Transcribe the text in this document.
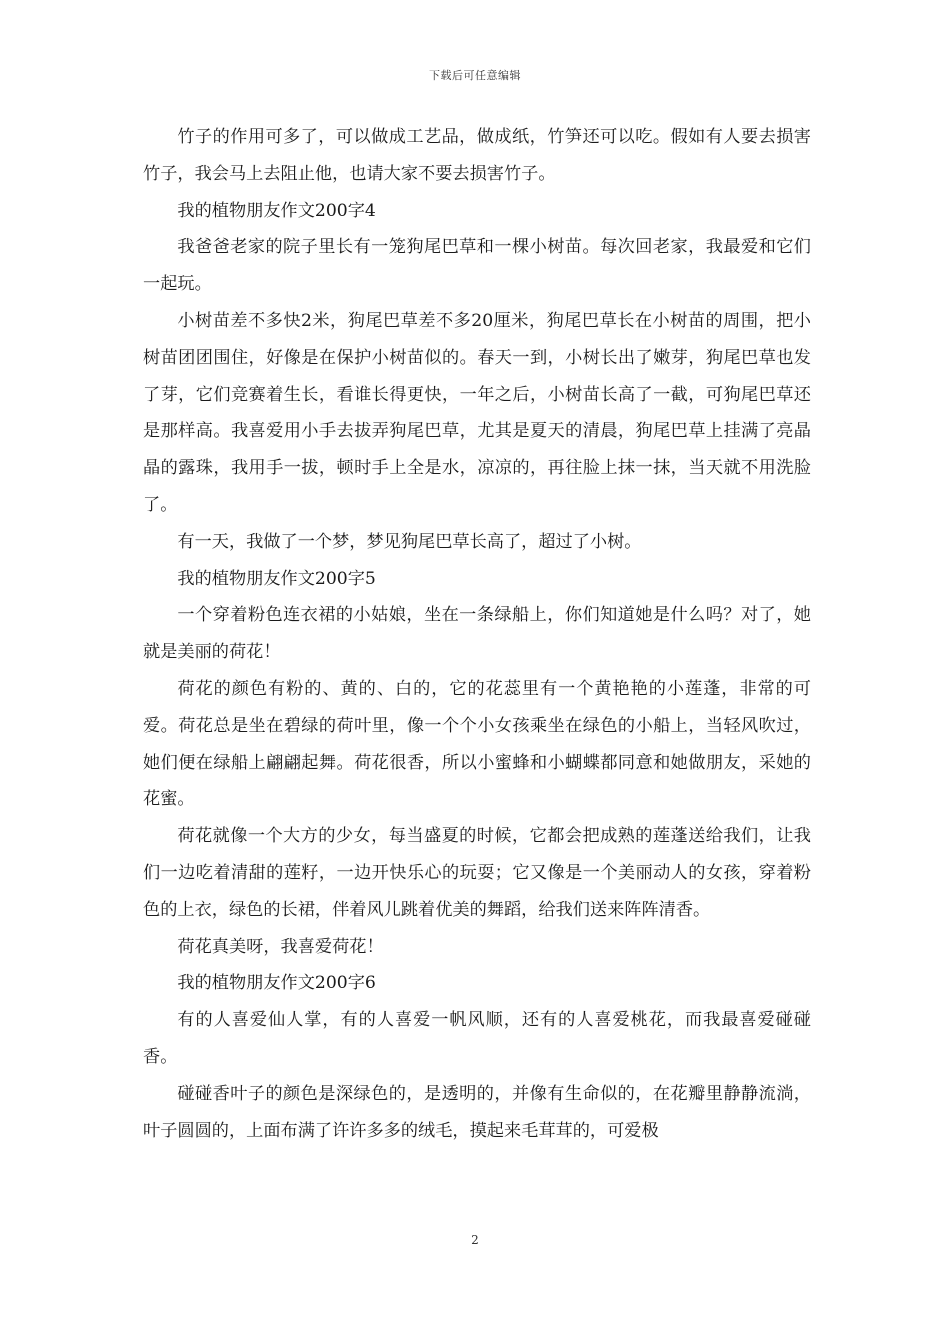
下载后可任意编辑

竹子的作用可多了，可以做成工艺品，做成纸，竹笋还可以吃。假如有人要去损害竹子，我会马上去阻止他，也请大家不要去损害竹子。

我的植物朋友作文200字4

我爸爸老家的院子里长有一笼狗尾巴草和一棵小树苗。每次回老家，我最爱和它们一起玩。

小树苗差不多快2米，狗尾巴草差不多20厘米，狗尾巴草长在小树苗的周围，把小树苗团团围住，好像是在保护小树苗似的。春天一到，小树长出了嫩芽，狗尾巴草也发了芽，它们竞赛着生长，看谁长得更快，一年之后，小树苗长高了一截，可狗尾巴草还是那样高。我喜爱用小手去拔弄狗尾巴草，尤其是夏天的清晨，狗尾巴草上挂满了亮晶晶的露珠，我用手一拔，顿时手上全是水，凉凉的，再往脸上抹一抹，当天就不用洗脸了。

有一天，我做了一个梦，梦见狗尾巴草长高了，超过了小树。

我的植物朋友作文200字5

一个穿着粉色连衣裙的小姑娘，坐在一条绿船上，你们知道她是什么吗？对了，她就是美丽的荷花！

荷花的颜色有粉的、黄的、白的，它的花蕊里有一个黄艳艳的小莲蓬，非常的可爱。荷花总是坐在碧绿的荷叶里，像一个个小女孩乘坐在绿色的小船上，当轻风吹过，她们便在绿船上翩翩起舞。荷花很香，所以小蜜蜂和小蝴蝶都同意和她做朋友，采她的花蜜。

荷花就像一个大方的少女，每当盛夏的时候，它都会把成熟的莲蓬送给我们，让我们一边吃着清甜的莲籽，一边开快乐心的玩耍；它又像是一个美丽动人的女孩，穿着粉色的上衣，绿色的长裙，伴着风儿跳着优美的舞蹈，给我们送来阵阵清香。

荷花真美呀，我喜爱荷花！

我的植物朋友作文200字6

有的人喜爱仙人掌，有的人喜爱一帆风顺，还有的人喜爱桃花，而我最喜爱碰碰香。

碰碰香叶子的颜色是深绿色的，是透明的，并像有生命似的，在花瓣里静静流淌，叶子圆圆的，上面布满了许许多多的绒毛，摸起来毛茸茸的，可爱极

2
